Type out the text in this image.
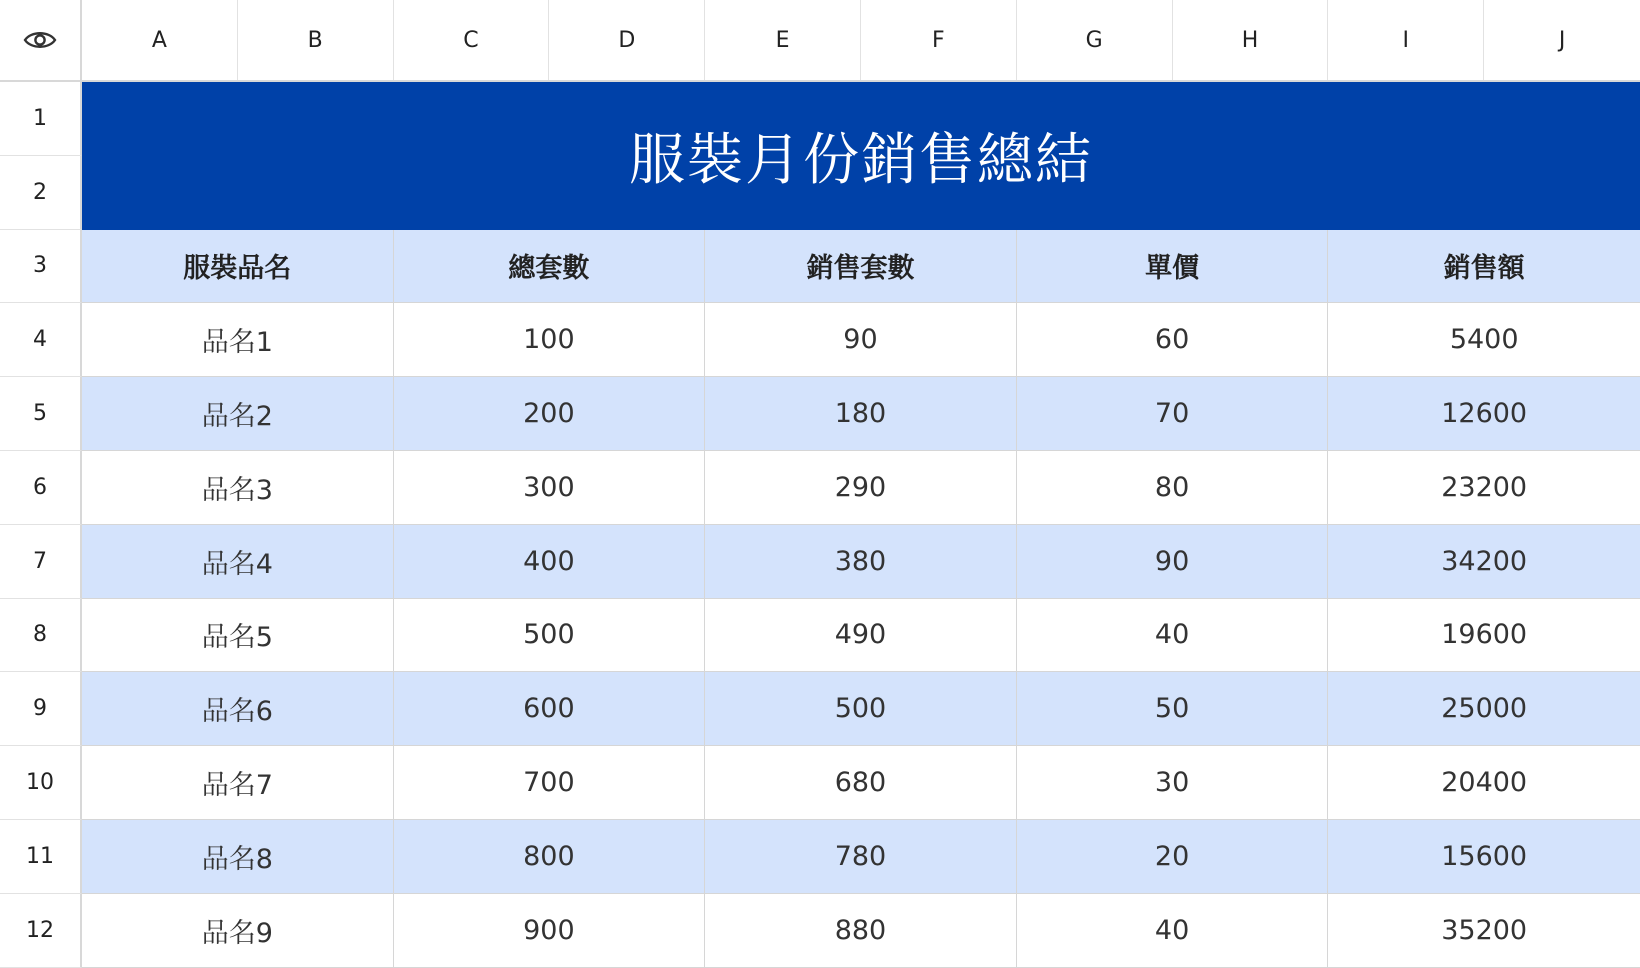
A	B	C	D	E	F	G	H	I	J
1
2
3
4
5
6
7
8
9
10
11
12
服裝月份銷售總結
服裝品名	總套數	銷售套數	單價	銷售額
品名1	100	90	60	5400
品名2	200	180	70	12600
品名3	300	290	80	23200
品名4	400	380	90	34200
品名5	500	490	40	19600
品名6	600	500	50	25000
品名7	700	680	30	20400
品名8	800	780	20	15600
品名9	900	880	40	35200
